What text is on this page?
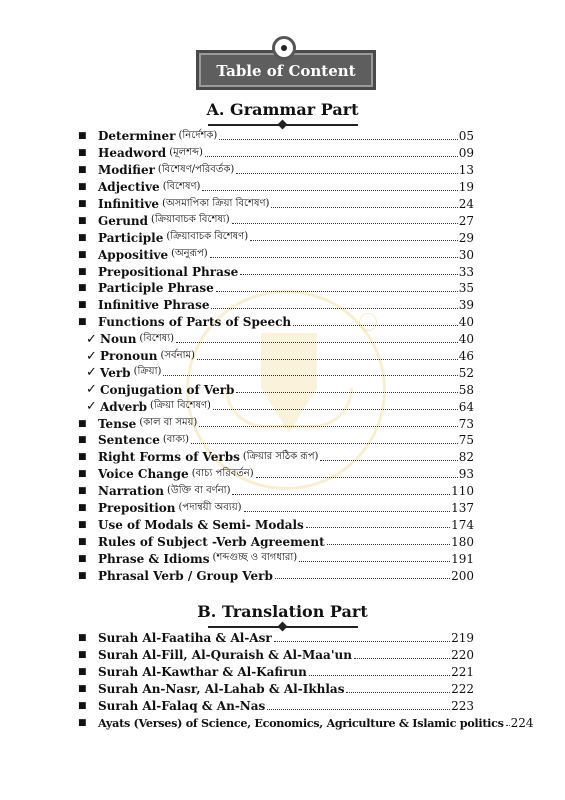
Table of Content
A. Grammar Part
■ Determiner (নির্দেশক)	05
■ Headword (মূলশব্দ)	09
■ Modifier (বিশেষণ/পরিবর্তক)	13
■ Adjective (বিশেষণ)	19
■ Infinitive (অসমাপিকা ক্রিয়া বিশেষণ)	24
■ Gerund (ক্রিয়াবাচক বিশেষ্য)	27
■ Participle (ক্রিয়াবাচক বিশেষণ)	29
■ Appositive (অনুরূপ)	30
■ Prepositional Phrase	33
■ Participle Phrase	35
■ Infinitive Phrase	39
■ Functions of Parts of Speech	40
✓ Noun (বিশেষ্য)	40
✓ Pronoun (সর্বনাম)	46
✓ Verb (ক্রিয়া)	52
✓ Conjugation of Verb	58
✓ Adverb (ক্রিয়া বিশেষণ)	64
■ Tense (কাল বা সময়)	73
■ Sentence (বাক্য)	75
■ Right Forms of Verbs (ক্রিয়ার সঠিক রূপ)	82
■ Voice Change (বাচ্য পরিবর্তন)	93
■ Narration (উক্তি বা বর্ণনা)	110
■ Preposition (পদান্বয়ী অব্যয়)	137
■ Use of Modals & Semi- Modals	174
■ Rules of Subject -Verb Agreement	180
■ Phrase & Idioms (শব্দগুচ্ছ ও বাগধারা)	191
■ Phrasal Verb / Group Verb	200
B. Translation Part
■ Surah Al-Faatiha & Al-Asr	219
■ Surah Al-Fill, Al-Quraish & Al-Maa'un	220
■ Surah Al-Kawthar & Al-Kafirun	221
■ Surah An-Nasr, Al-Lahab & Al-Ikhlas	222
■ Surah Al-Falaq & An-Nas	223
■	Ayats (Verses) of Science, Economics, Agriculture & Islamic politics 224
